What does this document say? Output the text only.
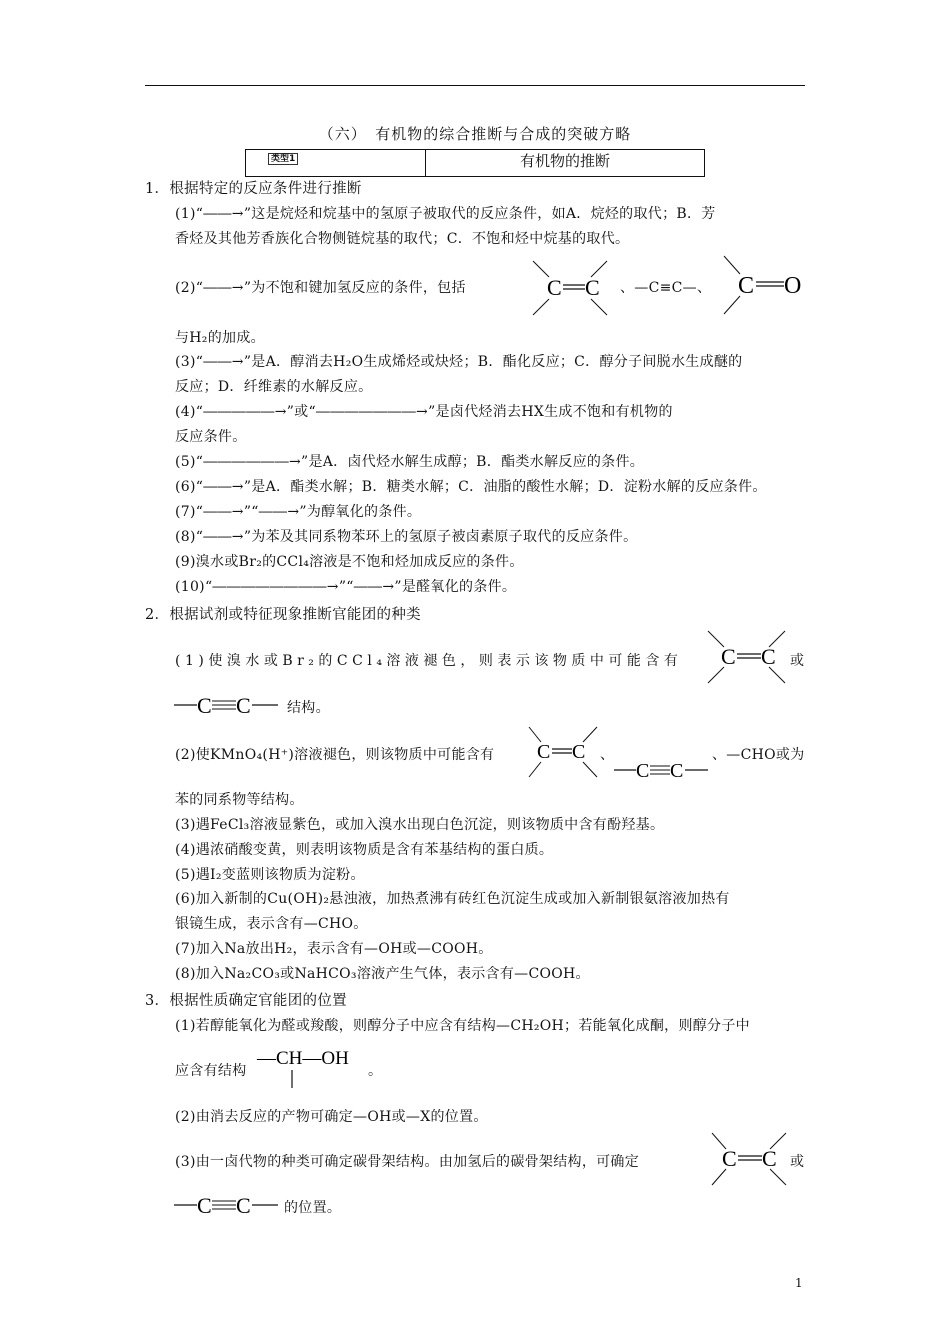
（六）　有机物的综合推断与合成的突破方略
类型1	有机物的推断
1．根据特定的反应条件进行推断
(1)“――→”这是烷烃和烷基中的氢原子被取代的反应条件，如A．烷烃的取代；B．芳
香烃及其他芳香族化合物侧链烷基的取代；C．不饱和烃中烷基的取代。
(2)“――→”为不饱和键加氢反应的条件，包括	C C 、—C≡C—、 C O
与H₂的加成。
(3)“――→”是A．醇消去H₂O生成烯烃或炔烃；B．酯化反应；C．醇分子间脱水生成醚的
反应；D．纤维素的水解反应。
(4)“―――――→”或“―――――――→”是卤代烃消去HX生成不饱和有机物的
反应条件。
(5)“――――――→”是A．卤代烃水解生成醇；B．酯类水解反应的条件。
(6)“――→”是A．酯类水解；B．糖类水解；C．油脂的酸性水解；D．淀粉水解的反应条件。
(7)“――→”“――→”为醇氧化的条件。
(8)“――→”为苯及其同系物苯环上的氢原子被卤素原子取代的反应条件。
(9)溴水或Br₂的CCl₄溶液是不饱和烃加成反应的条件。
(10)“――――――――→”“――→”是醛氧化的条件。
2．根据试剂或特征现象推断官能团的种类
(1)使溴水或Br₂的CCl₄溶液褪色，则表示该物质中可能含有 C C 或
C C	结构。
(2)使KMnO₄(H⁺)溶液褪色，则该物质中可能含有 C C 、
C C
、—CHO或为
苯的同系物等结构。
(3)遇FeCl₃溶液显紫色，或加入溴水出现白色沉淀，则该物质中含有酚羟基。
(4)遇浓硝酸变黄，则表明该物质是含有苯基结构的蛋白质。
(5)遇I₂变蓝则该物质为淀粉。
(6)加入新制的Cu(OH)₂悬浊液，加热煮沸有砖红色沉淀生成或加入新制银氨溶液加热有
银镜生成，表示含有—CHO。
(7)加入Na放出H₂，表示含有—OH或—COOH。
(8)加入Na₂CO₃或NaHCO₃溶液产生气体，表示含有—COOH。
3．根据性质确定官能团的位置
(1)若醇能氧化为醛或羧酸，则醇分子中应含有结构—CH₂OH；若能氧化成酮，则醇分子中
应含有结构
—CH—OH
。
(2)由消去反应的产物可确定—OH或—X的位置。
(3)由一卤代物的种类可确定碳骨架结构。由加氢后的碳骨架结构，可确定	C C 或
C C 的位置。
1
